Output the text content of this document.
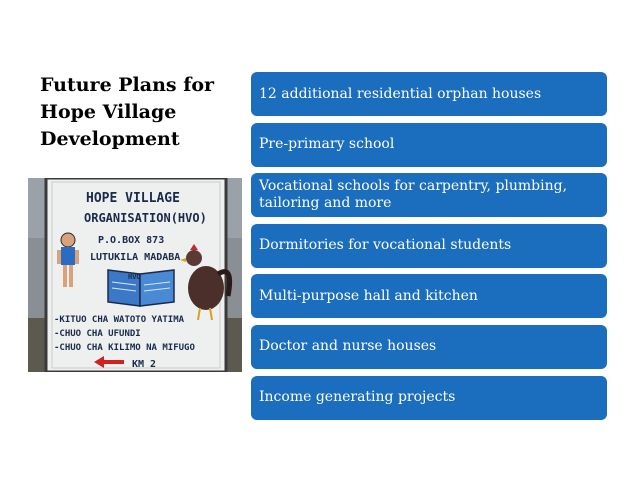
Future Plans for
Hope Village
Development
HOPE VILLAGE
ORGANISATION(HVO)
P.O.BOX 873
LUTUKILA MADABA
HVO
-KITUO CHA WATOTO YATIMA
-CHUO CHA UFUNDI
-CHUO CHA KILIMO NA MIFUGO
KM 2
12 additional residential orphan houses
Pre-primary school
Vocational schools for carpentry, plumbing, tailoring and more
Dormitories for vocational students
Multi-purpose hall and kitchen
Doctor and nurse houses
Income generating projects
